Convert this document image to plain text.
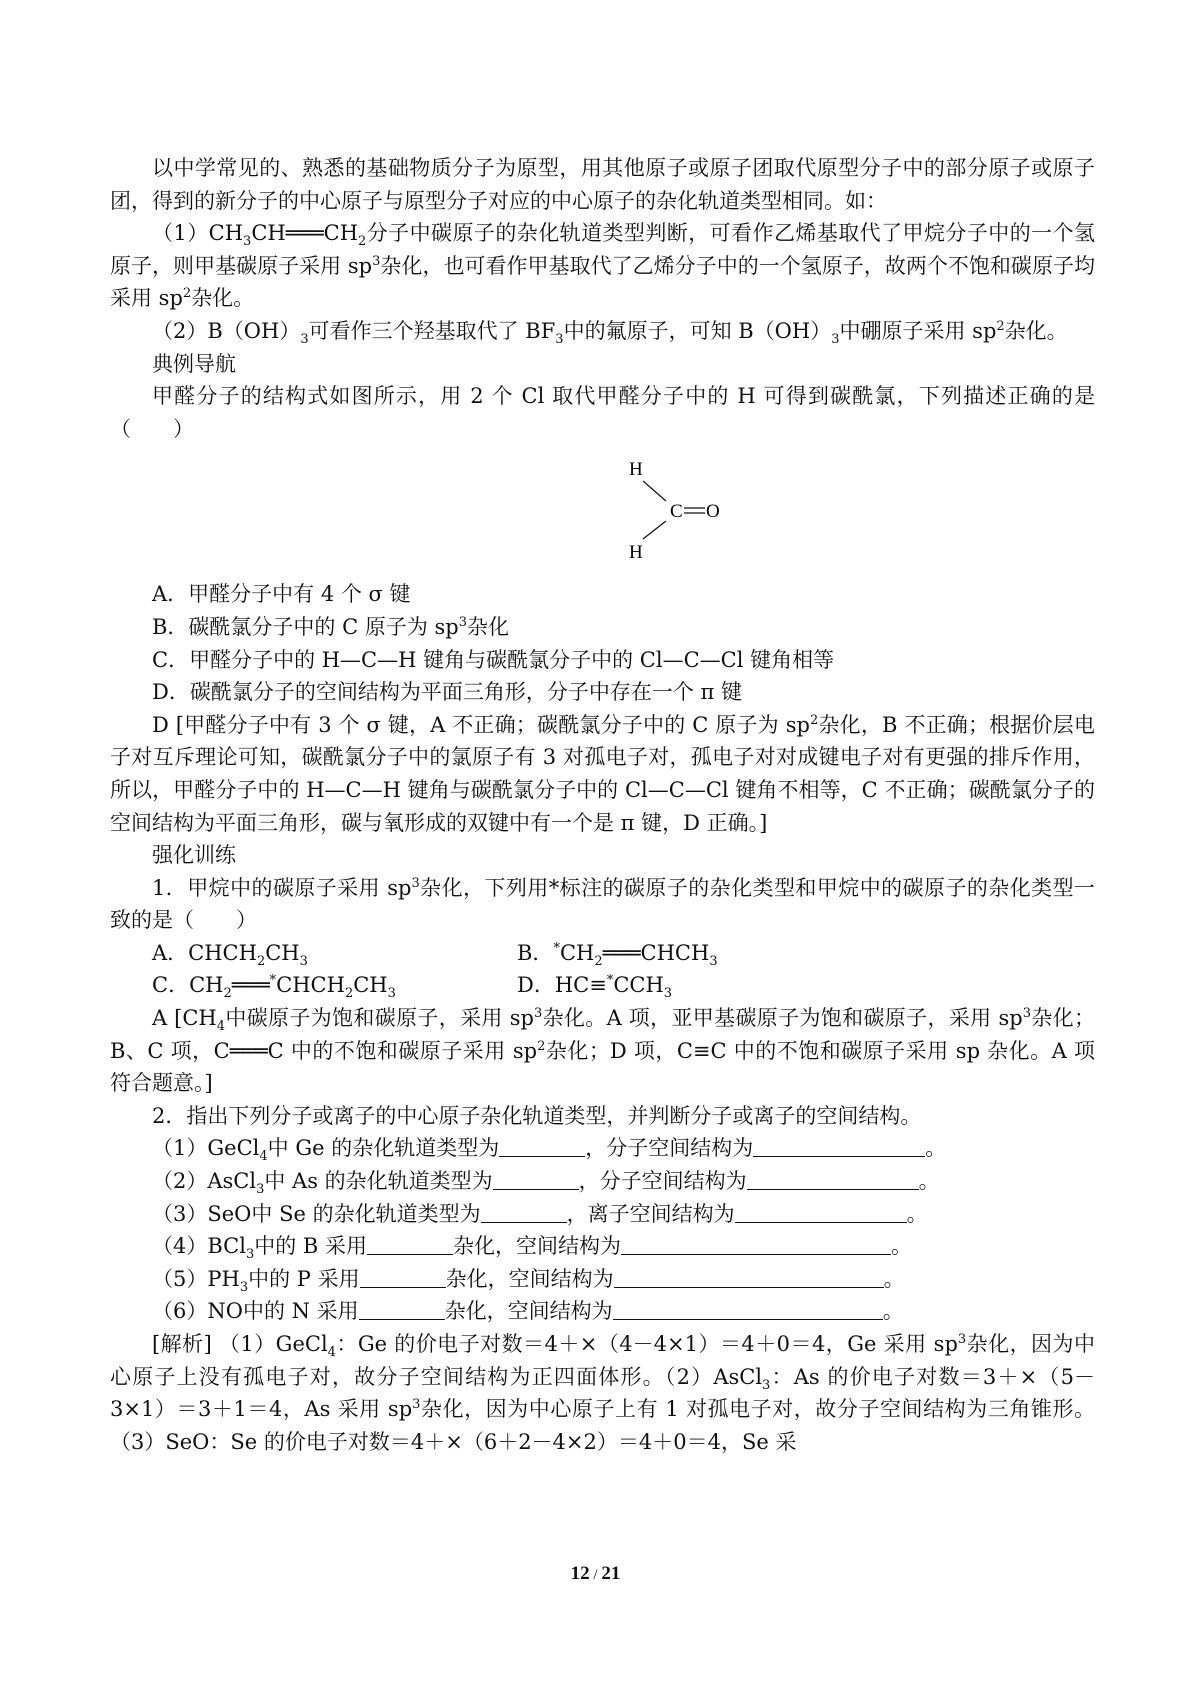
以中学常见的、熟悉的基础物质分子为原型，用其他原子或原子团取代原型分子中的部分原子或原子团，得到的新分子的中心原子与原型分子对应的中心原子的杂化轨道类型相同。如：

$(1)CH_3CH═══CH_2$分子中碳原子的杂化轨道类型判断，可看作乙烯基取代了甲烷分子中的一个氢原子，则甲基碳原子采用 $sp^3$杂化，也可看作甲基取代了乙烯分子中的一个氢原子，故两个不饱和碳原子均采用 $sp^2$杂化。

$(2)B(OH)_3$可看作三个羟基取代了 $BF_3$中的氟原子，可知 $B(OH)_3$中硼原子采用 $sp^2$杂化。

典例导航

甲醛分子的结构式如图所示，用 2 个 Cl 取代甲醛分子中的 H 可得到碳酰氯，下列描述正确的是（　　）

H
H
C O

A．甲醛分子中有 4 个 σ 键

B．碳酰氯分子中的 C 原子为 $sp^3$杂化

C．甲醛分子中的 H—C—H 键角与碳酰氯分子中的 Cl—C—Cl 键角相等

D．碳酰氯分子的空间结构为平面三角形，分子中存在一个 π 键

D [甲醛分子中有 3 个 σ 键，A 不正确；碳酰氯分子中的 C 原子为 $sp^2$杂化，B 不正确；根据价层电子对互斥理论可知，碳酰氯分子中的氯原子有 3 对孤电子对，孤电子对对成键电子对有更强的排斥作用，所以，甲醛分子中的 H—C—H 键角与碳酰氯分子中的 Cl—C—Cl 键角不相等，C 不正确；碳酰氯分子的空间结构为平面三角形，碳与氧形成的双键中有一个是 π 键，D 正确。]

强化训练

1．甲烷中的碳原子采用 $sp^3$杂化，下列用*标注的碳原子的杂化类型和甲烷中的碳原子的杂化类型一致的是（　　）

A．$CHCH_2CH_3$	B．$^*CH_2═══CHCH_3$
C．$CH_2═══^*CHCH_2CH_3$	D．$HC\equiv^*CCH_3$

A [$CH_4$中碳原子为饱和碳原子，采用 $sp^3$杂化。A 项，亚甲基碳原子为饱和碳原子，采用 $sp^3$杂化；B、C 项，C═══C 中的不饱和碳原子采用 $sp^2$杂化；D 项，C≡C 中的不饱和碳原子采用 sp 杂化。A 项符合题意。]

2．指出下列分子或离子的中心原子杂化轨道类型，并判断分子或离子的空间结构。

（1）GeCl$_4$中 Ge 的杂化轨道类型为	，分子空间结构为	。

（2）AsCl$_3$中 As 的杂化轨道类型为	，分子空间结构为	。

（3）SeO中 Se 的杂化轨道类型为	，离子空间结构为	。

（4）BCl$_3$中的 B 采用	杂化，空间结构为	。

$(5)PH_3$中的 P 采用	杂化，空间结构为	。

（6）NO中的 N 采用	杂化，空间结构为	。

[解析] （1）GeCl$_4$：Ge 的价电子对数＝4＋×（4－4×1）＝4＋0＝4，Ge 采用 $sp^3$杂化，因为中心原子上没有孤电子对，故分子空间结构为正四面体形。（2）AsCl$_3$：As 的价电子对数＝3＋×（5－3×1）＝3＋1＝4，As 采用 $sp^3$杂化，因为中心原子上有 1 对孤电子对，故分子空间结构为三角锥形。（3）SeO：Se 的价电子对数＝4＋×（6＋2－4×2）＝4＋0＝4，Se 采

12 / 21
